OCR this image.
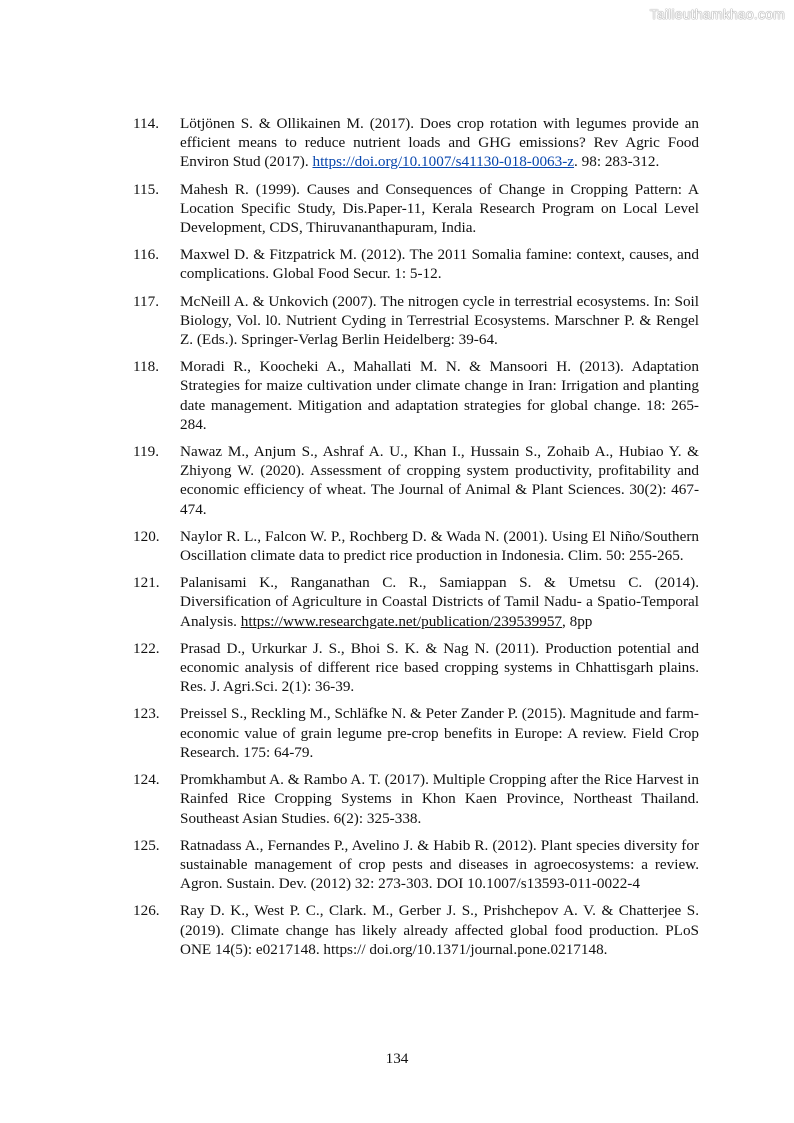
Tailieuthamkhao.com
114.	Lötjönen S. & Ollikainen M. (2017). Does crop rotation with legumes provide an efficient means to reduce nutrient loads and GHG emissions? Rev Agric Food Environ Stud (2017). https://doi.org/10.1007/s41130-018-0063-z. 98: 283-312.
115.	Mahesh R. (1999). Causes and Consequences of Change in Cropping Pattern: A Location Specific Study, Dis.Paper-11, Kerala Research Program on Local Level Development, CDS, Thiruvananthapuram, India.
116.	Maxwel D. & Fitzpatrick M. (2012). The 2011 Somalia famine: context, causes, and complications. Global Food Secur. 1: 5-12.
117.	McNeill A. & Unkovich (2007). The nitrogen cycle in terrestrial ecosystems. In: Soil Biology, Vol. l0. Nutrient Cyding in Terrestrial Ecosystems. Marschner P. & Rengel Z. (Eds.). Springer-Verlag Berlin Heidelberg: 39-64.
118.	Moradi R., Koocheki A., Mahallati M. N. & Mansoori H. (2013). Adaptation Strategies for maize cultivation under climate change in Iran: Irrigation and planting date management. Mitigation and adaptation strategies for global change. 18: 265-284.
119.	Nawaz M., Anjum S., Ashraf A. U., Khan I., Hussain S., Zohaib A., Hubiao Y. & Zhiyong W. (2020). Assessment of cropping system productivity, profitability and economic efficiency of wheat. The Journal of Animal & Plant Sciences. 30(2): 467-474.
120.	Naylor R. L., Falcon W. P., Rochberg D. & Wada N. (2001). Using El Niño/Southern Oscillation climate data to predict rice production in Indonesia. Clim. 50: 255-265.
121.	Palanisami K., Ranganathan C. R., Samiappan S. & Umetsu C. (2014). Diversification of Agriculture in Coastal Districts of Tamil Nadu- a Spatio-Temporal Analysis. https://www.researchgate.net/publication/239539957, 8pp
122.	Prasad D., Urkurkar J. S., Bhoi S. K. & Nag N. (2011). Production potential and economic analysis of different rice based cropping systems in Chhattisgarh plains. Res. J. Agri.Sci. 2(1): 36-39.
123.	Preissel S., Reckling M., Schläfke N. & Peter Zander P. (2015). Magnitude and farm-economic value of grain legume pre-crop benefits in Europe: A review. Field Crop Research. 175: 64-79.
124.	Promkhambut A. & Rambo A. T. (2017). Multiple Cropping after the Rice Harvest in Rainfed Rice Cropping Systems in Khon Kaen Province, Northeast Thailand. Southeast Asian Studies. 6(2): 325-338.
125.	Ratnadass A., Fernandes P., Avelino J. & Habib R. (2012). Plant species diversity for sustainable management of crop pests and diseases in agroecosystems: a review. Agron. Sustain. Dev. (2012) 32: 273-303. DOI 10.1007/s13593-011-0022-4
126.	Ray D. K., West P. C., Clark. M., Gerber J. S., Prishchepov A. V. & Chatterjee S. (2019). Climate change has likely already affected global food production. PLoS ONE 14(5): e0217148. https:// doi.org/10.1371/journal.pone.0217148.
134
